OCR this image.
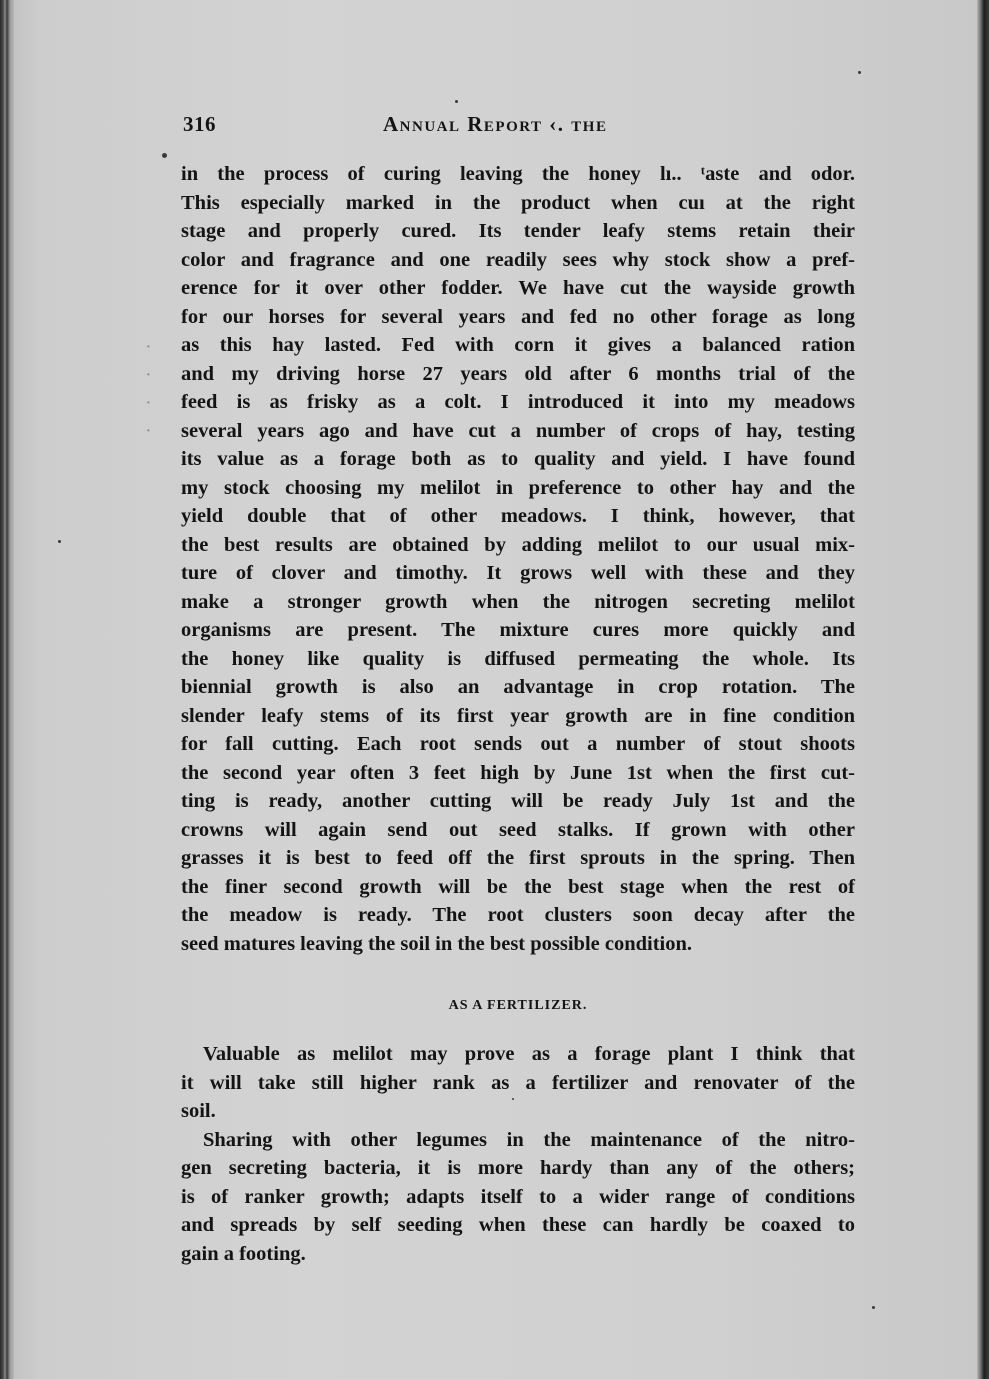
316	Annual Report ‹. the
in the process of curing leaving the honey lı.. ᵗaste and odor.
This especially marked in the product when cuı at the right
stage and properly cured. Its tender leafy stems retain their
color and fragrance and one readily sees why stock show a pref-
erence for it over other fodder. We have cut the wayside growth
for our horses for several years and fed no other forage as long
as this hay lasted. Fed with corn it gives a balanced ration
and my driving horse 27 years old after 6 months trial of the
feed is as frisky as a colt. I introduced it into my meadows
several years ago and have cut a number of crops of hay, testing
its value as a forage both as to quality and yield. I have found
my stock choosing my melilot in preference to other hay and the
yield double that of other meadows. I think, however, that
the best results are obtained by adding melilot to our usual mix-
ture of clover and timothy. It grows well with these and they
make a stronger growth when the nitrogen secreting melilot
organisms are present. The mixture cures more quickly and
the honey like quality is diffused permeating the whole. Its
biennial growth is also an advantage in crop rotation. The
slender leafy stems of its first year growth are in fine condition
for fall cutting. Each root sends out a number of stout shoots
the second year often 3 feet high by June 1st when the first cut-
ting is ready, another cutting will be ready July 1st and the
crowns will again send out seed stalks. If grown with other
grasses it is best to feed off the first sprouts in the spring. Then
the finer second growth will be the best stage when the rest of
the meadow is ready. The root clusters soon decay after the
seed matures leaving the soil in the best possible condition.
AS A FERTILIZER.
Valuable as melilot may prove as a forage plant I think that
it will take still higher rank as a fertilizer and renovater of the
soil.
Sharing with other legumes in the maintenance of the nitro-
gen secreting bacteria, it is more hardy than any of the others;
is of ranker growth; adapts itself to a wider range of conditions
and spreads by self seeding when these can hardly be coaxed to
gain a footing.
·
·
·
·
